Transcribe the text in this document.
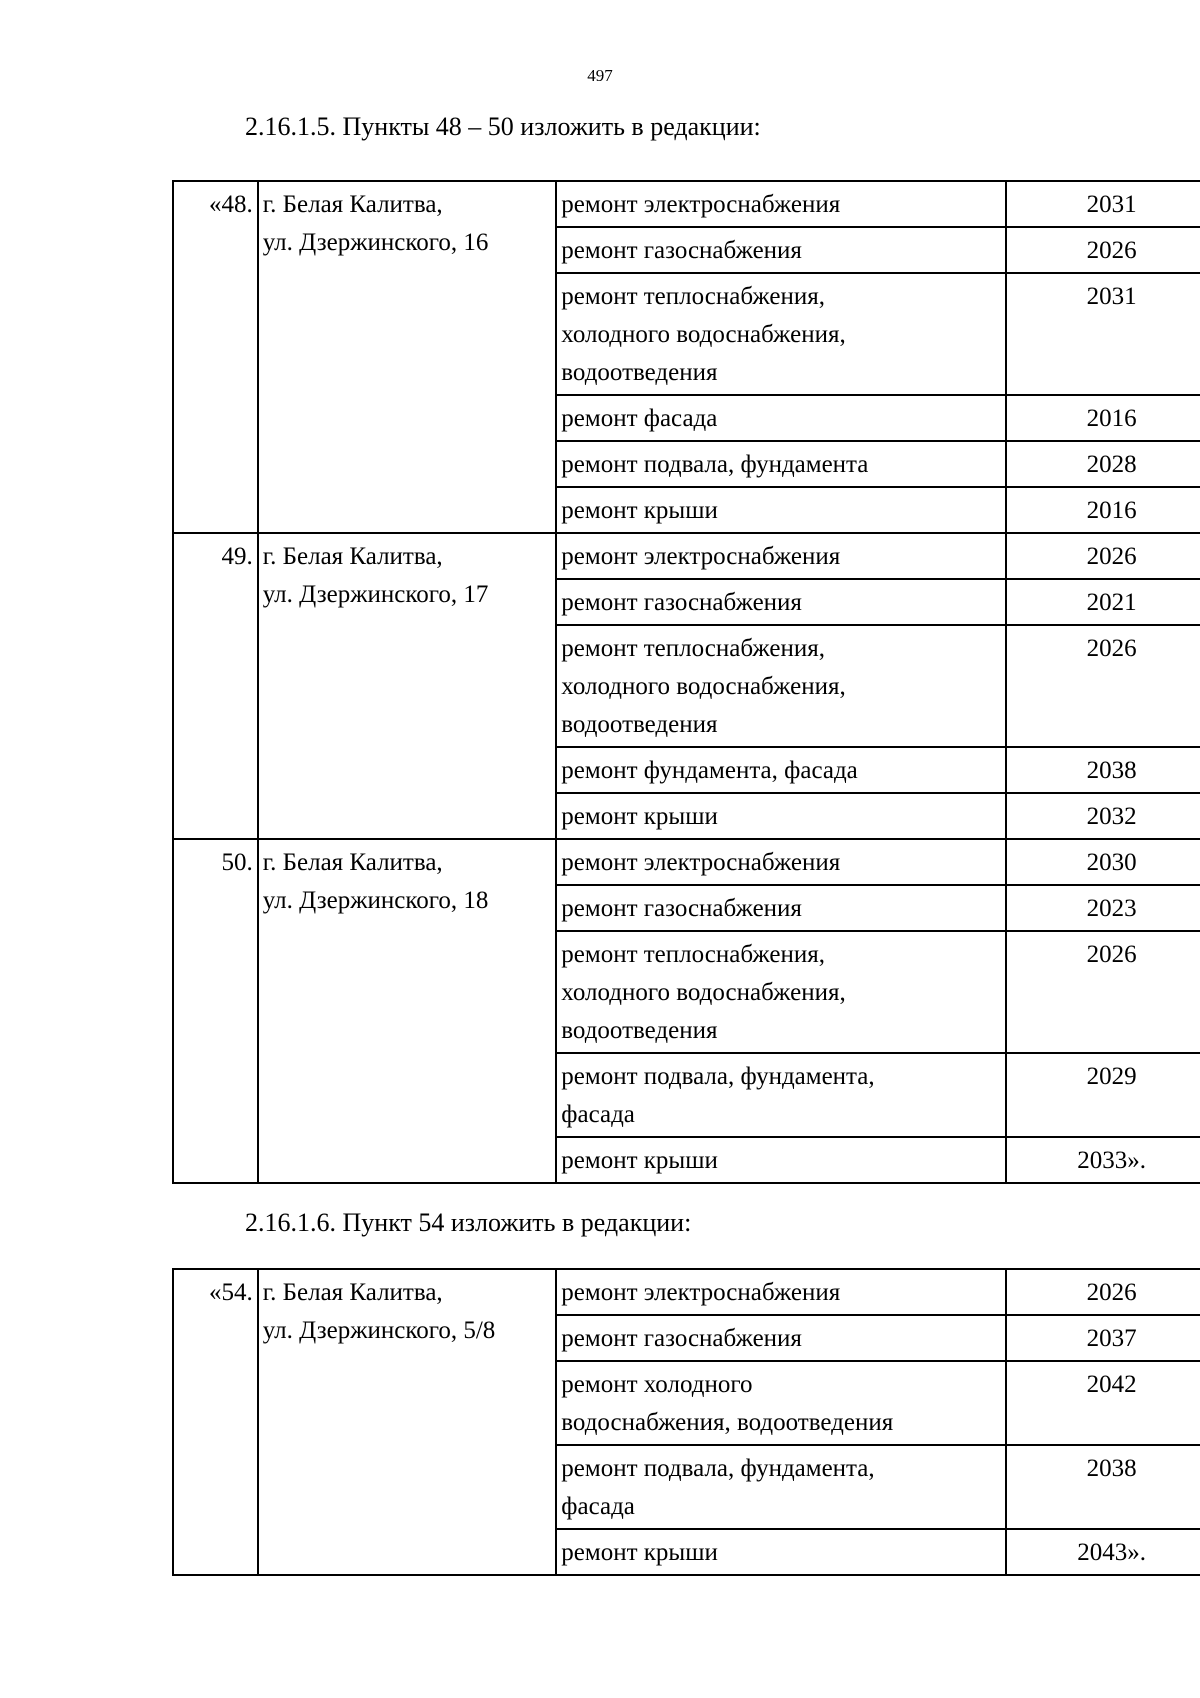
497
2.16.1.5. Пункты 48 – 50 изложить в редакции:
«48.	г. Белая Калитва,
ул. Дзержинского, 16	ремонт электроснабжения	2031
		ремонт газоснабжения	2026
		ремонт теплоснабжения,
холодного водоснабжения,
водоотведения	2031
		ремонт фасада	2016
		ремонт подвала, фундамента	2028
		ремонт крыши	2016
49.	г. Белая Калитва,
ул. Дзержинского, 17	ремонт электроснабжения	2026
		ремонт газоснабжения	2021
		ремонт теплоснабжения,
холодного водоснабжения,
водоотведения	2026
		ремонт фундамента, фасада	2038
		ремонт крыши	2032
50.	г. Белая Калитва,
ул. Дзержинского, 18	ремонт электроснабжения	2030
		ремонт газоснабжения	2023
		ремонт теплоснабжения,
холодного водоснабжения,
водоотведения	2026
		ремонт подвала, фундамента,
фасада	2029
		ремонт крыши	2033».
2.16.1.6. Пункт 54 изложить в редакции:
«54.	г. Белая Калитва,
ул. Дзержинского, 5/8	ремонт электроснабжения	2026
		ремонт газоснабжения	2037
		ремонт холодного
водоснабжения, водоотведения	2042
		ремонт подвала, фундамента,
фасада	2038
		ремонт крыши	2043».
